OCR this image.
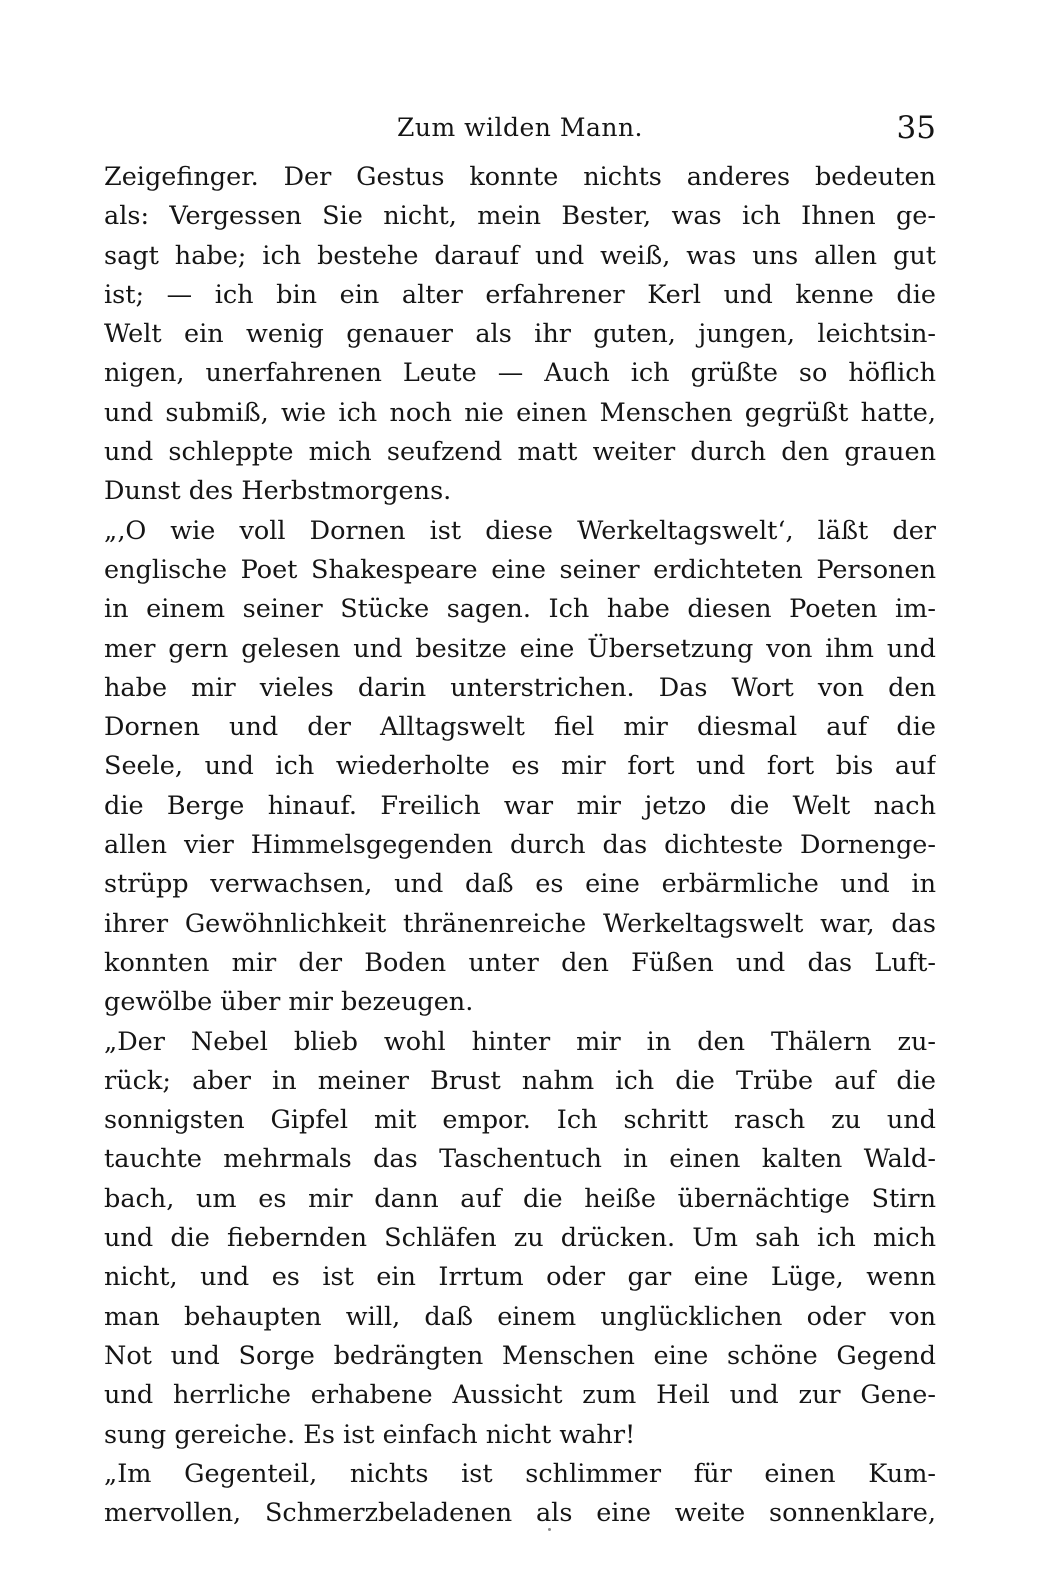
Zum wilden Mann.	35
Zeigefinger. Der Gestus konnte nichts anderes bedeuten
als: Vergessen Sie nicht, mein Bester, was ich Ihnen ge-
sagt habe; ich bestehe darauf und weiß, was uns allen gut
ist; — ich bin ein alter erfahrener Kerl und kenne die
Welt ein wenig genauer als ihr guten, jungen, leichtsin-
nigen, unerfahrenen Leute — Auch ich grüßte so höflich
und submiß, wie ich noch nie einen Menschen gegrüßt hatte,
und schleppte mich seufzend matt weiter durch den grauen
Dunst des Herbstmorgens.
„‚O wie voll Dornen ist diese Werkeltagswelt‘, läßt der
englische Poet Shakespeare eine seiner erdichteten Personen
in einem seiner Stücke sagen. Ich habe diesen Poeten im-
mer gern gelesen und besitze eine Übersetzung von ihm und
habe mir vieles darin unterstrichen. Das Wort von den
Dornen und der Alltagswelt fiel mir diesmal auf die
Seele, und ich wiederholte es mir fort und fort bis auf
die Berge hinauf. Freilich war mir jetzo die Welt nach
allen vier Himmelsgegenden durch das dichteste Dornenge-
strüpp verwachsen, und daß es eine erbärmliche und in
ihrer Gewöhnlichkeit thränenreiche Werkeltagswelt war, das
konnten mir der Boden unter den Füßen und das Luft-
gewölbe über mir bezeugen.
„Der Nebel blieb wohl hinter mir in den Thälern zu-
rück; aber in meiner Brust nahm ich die Trübe auf die
sonnigsten Gipfel mit empor. Ich schritt rasch zu und
tauchte mehrmals das Taschentuch in einen kalten Wald-
bach, um es mir dann auf die heiße übernächtige Stirn
und die fiebernden Schläfen zu drücken. Um sah ich mich
nicht, und es ist ein Irrtum oder gar eine Lüge, wenn
man behaupten will, daß einem unglücklichen oder von
Not und Sorge bedrängten Menschen eine schöne Gegend
und herrliche erhabene Aussicht zum Heil und zur Gene-
sung gereiche. Es ist einfach nicht wahr!
„Im Gegenteil, nichts ist schlimmer für einen Kum-
mervollen, Schmerzbeladenen als eine weite sonnenklare,
